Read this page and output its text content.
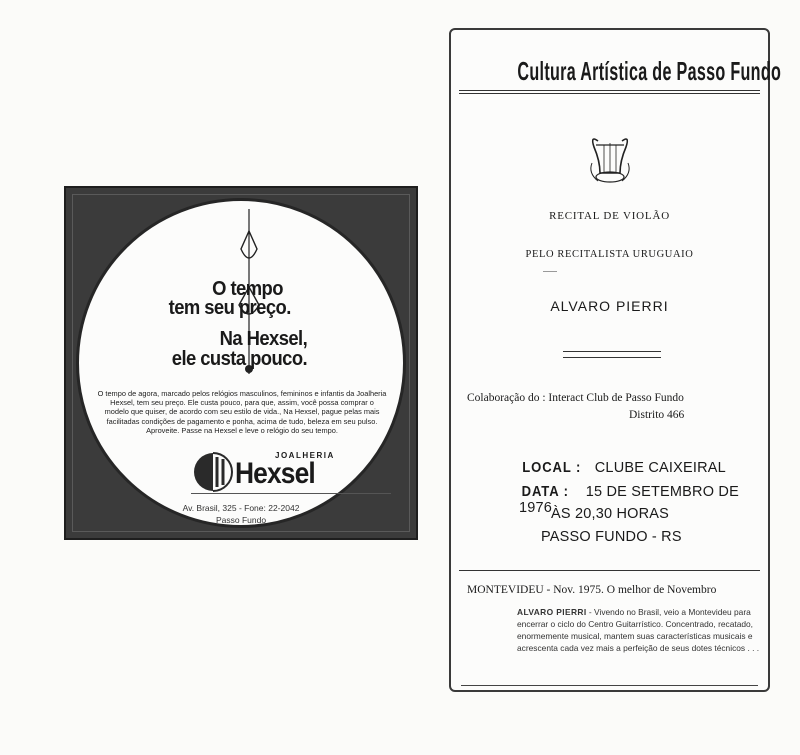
O tempo
tem seu preço.
Na Hexsel,
ele custa pouco.
O tempo de agora, marcado pelos relógios masculinos, femininos e infantis da Joalheria Hexsel, tem seu preço. Ele custa pouco, para que, assim, você possa comprar o modelo que quiser, de acordo com seu estilo de vida., Na Hexsel, pague pelas mais facilitadas condições de pagamento e ponha, acima de tudo, beleza em seu pulso. Aproveite. Passe na Hexsel e leve o relógio do seu tempo.
JOALHERIA
Hexsel
Av. Brasil, 325 - Fone: 22-2042
Passo Fundo
Cultura Artística de Passo Fundo
RECITAL DE VIOLÃO
PELO RECITALISTA URUGUAIO
ALVARO PIERRI
Colaboração do : Interact Club de Passo Fundo
Distrito 466
LOCAL : CLUBE CAIXEIRAL
DATA : 15 DE SETEMBRO DE 1976
ÀS 20,30 HORAS
PASSO FUNDO - RS
MONTEVIDEU - Nov. 1975. O melhor de Novembro
ALVARO PIERRI - Vivendo no Brasil, veio a Montevideu para encerrar o ciclo do Centro Guitarrístico. Concentrado, recatado, enormemente musical, mantem suas características musicais e acrescenta cada vez mais a perfeição de seus dotes técnicos . . .
